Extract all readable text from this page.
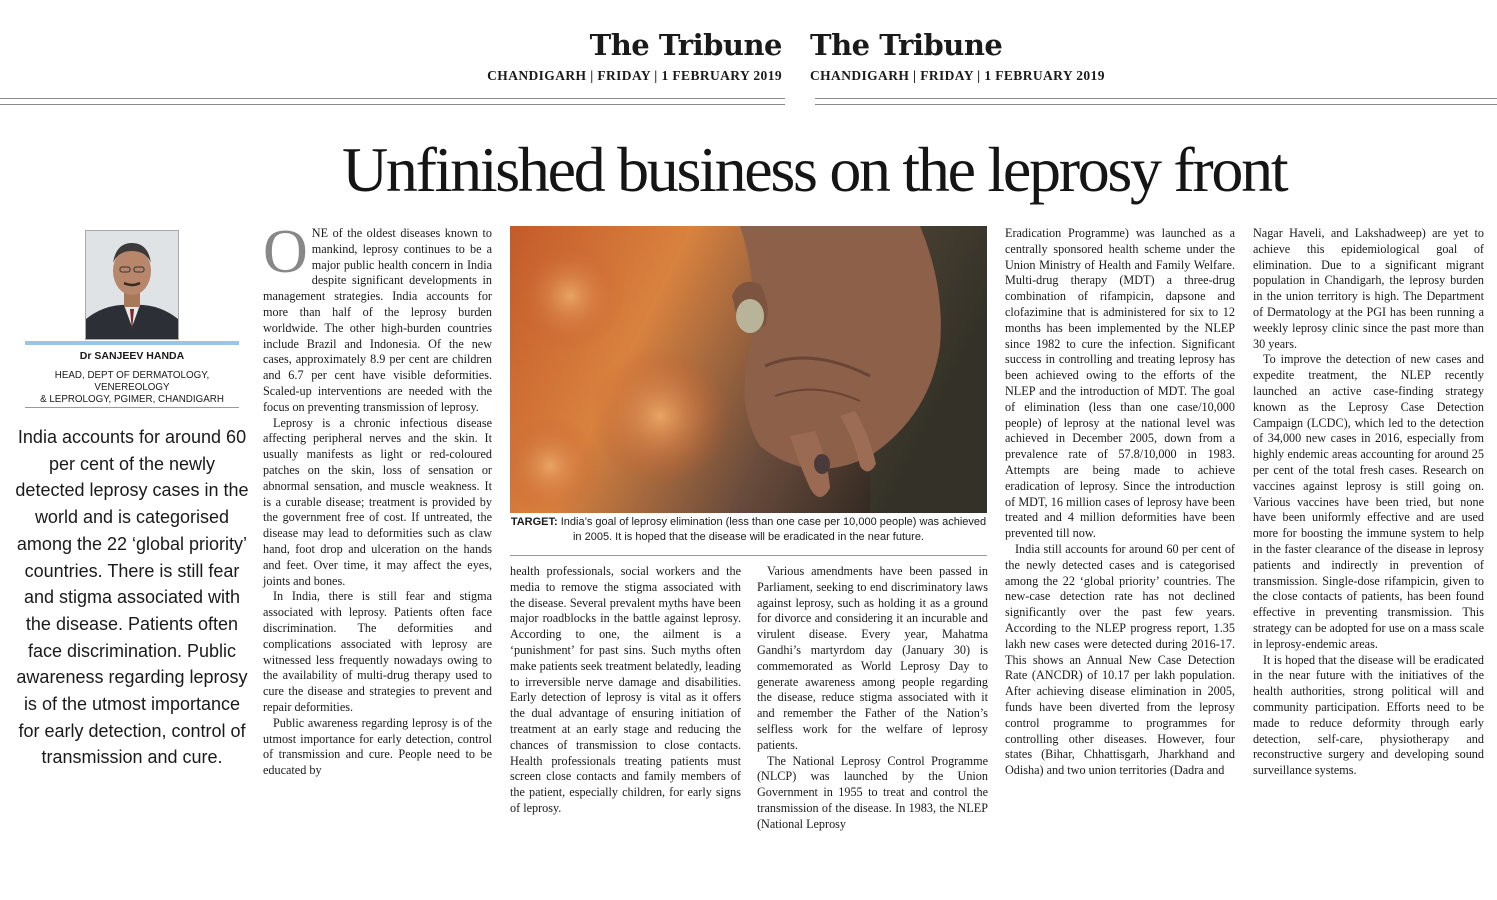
The Tribune
CHANDIGARH | FRIDAY | 1 FEBRUARY 2019
The Tribune
CHANDIGARH | FRIDAY | 1 FEBRUARY 2019
Unfinished business on the leprosy front
Dr SANJEEV HANDA
HEAD, DEPT OF DERMATOLOGY, VENEREOLOGY
& LEPROLOGY, PGIMER, CHANDIGARH
India accounts for around 60 per cent of the newly detected leprosy cases in the world and is categorised among the 22 ‘global priority’ countries. There is still fear and stigma associated with the disease. Patients often face discrimination. Public awareness regarding leprosy is of the utmost importance for early detection, control of transmission and cure.

ONE of the oldest diseases known to mankind, leprosy continues to be a major public health concern in India despite significant developments in management strategies. India accounts for more than half of the leprosy burden worldwide. The other high-burden countries include Brazil and Indonesia. Of the new cases, approximately 8.9 per cent are children and 6.7 per cent have visible deformities. Scaled-up interventions are needed with the focus on preventing transmission of leprosy.

Leprosy is a chronic infectious disease affecting peripheral nerves and the skin. It usually manifests as light or red-coloured patches on the skin, loss of sensation or abnormal sensation, and muscle weakness. It is a curable disease; treatment is provided by the government free of cost. If untreated, the disease may lead to deformities such as claw hand, foot drop and ulceration on the hands and feet. Over time, it may affect the eyes, joints and bones.

In India, there is still fear and stigma associated with leprosy. Patients often face discrimination. The deformities and complications associated with leprosy are witnessed less frequently nowadays owing to the availability of multi-drug therapy used to cure the disease and strategies to prevent and repair deformities.

Public awareness regarding leprosy is of the utmost importance for early detection, control of transmission and cure. People need to be educated by

TARGET: India’s goal of leprosy elimination (less than one case per 10,000 people) was achieved in 2005. It is hoped that the disease will be eradicated in the near future.

health professionals, social workers and the media to remove the stigma associated with the disease. Several prevalent myths have been major roadblocks in the battle against leprosy. According to one, the ailment is a ‘punishment’ for past sins. Such myths often make patients seek treatment belatedly, leading to irreversible nerve damage and disabilities. Early detection of leprosy is vital as it offers the dual advantage of ensuring initiation of treatment at an early stage and reducing the chances of transmission to close contacts. Health professionals treating patients must screen close contacts and family members of the patient, especially children, for early signs of leprosy.

Various amendments have been passed in Parliament, seeking to end discriminatory laws against leprosy, such as holding it as a ground for divorce and considering it an incurable and virulent disease. Every year, Mahatma Gandhi’s martyrdom day (January 30) is commemorated as World Leprosy Day to generate awareness among people regarding the disease, reduce stigma associated with it and remember the Father of the Nation’s selfless work for the welfare of leprosy patients.

The National Leprosy Control Programme (NLCP) was launched by the Union Government in 1955 to treat and control the transmission of the disease. In 1983, the NLEP (National Leprosy

Eradication Programme) was launched as a centrally sponsored health scheme under the Union Ministry of Health and Family Welfare. Multi-drug therapy (MDT) a three-drug combination of rifampicin, dapsone and clofazimine that is administered for six to 12 months has been implemented by the NLEP since 1982 to cure the infection. Significant success in controlling and treating leprosy has been achieved owing to the efforts of the NLEP and the introduction of MDT. The goal of elimination (less than one case/10,000 people) of leprosy at the national level was achieved in December 2005, down from a prevalence rate of 57.8/10,000 in 1983. Attempts are being made to achieve eradication of leprosy. Since the introduction of MDT, 16 million cases of leprosy have been treated and 4 million deformities have been prevented till now.

India still accounts for around 60 per cent of the newly detected cases and is categorised among the 22 ‘global priority’ countries. The new-case detection rate has not declined significantly over the past few years. According to the NLEP progress report, 1.35 lakh new cases were detected during 2016-17. This shows an Annual New Case Detection Rate (ANCDR) of 10.17 per lakh population. After achieving disease elimination in 2005, funds have been diverted from the leprosy control programme to programmes for controlling other diseases. However, four states (Bihar, Chhattisgarh, Jharkhand and Odisha) and two union territories (Dadra and

Nagar Haveli, and Lakshadweep) are yet to achieve this epidemiological goal of elimination. Due to a significant migrant population in Chandigarh, the leprosy burden in the union territory is high. The Department of Dermatology at the PGI has been running a weekly leprosy clinic since the past more than 30 years.

To improve the detection of new cases and expedite treatment, the NLEP recently launched an active case-finding strategy known as the Leprosy Case Detection Campaign (LCDC), which led to the detection of 34,000 new cases in 2016, especially from highly endemic areas accounting for around 25 per cent of the total fresh cases. Research on vaccines against leprosy is still going on. Various vaccines have been tried, but none have been uniformly effective and are used more for boosting the immune system to help in the faster clearance of the disease in leprosy patients and indirectly in prevention of transmission. Single-dose rifampicin, given to the close contacts of patients, has been found effective in preventing transmission. This strategy can be adopted for use on a mass scale in leprosy-endemic areas.

It is hoped that the disease will be eradicated in the near future with the initiatives of the health authorities, strong political will and community participation. Efforts need to be made to reduce deformity through early detection, self-care, physiotherapy and reconstructive surgery and developing sound surveillance systems.
